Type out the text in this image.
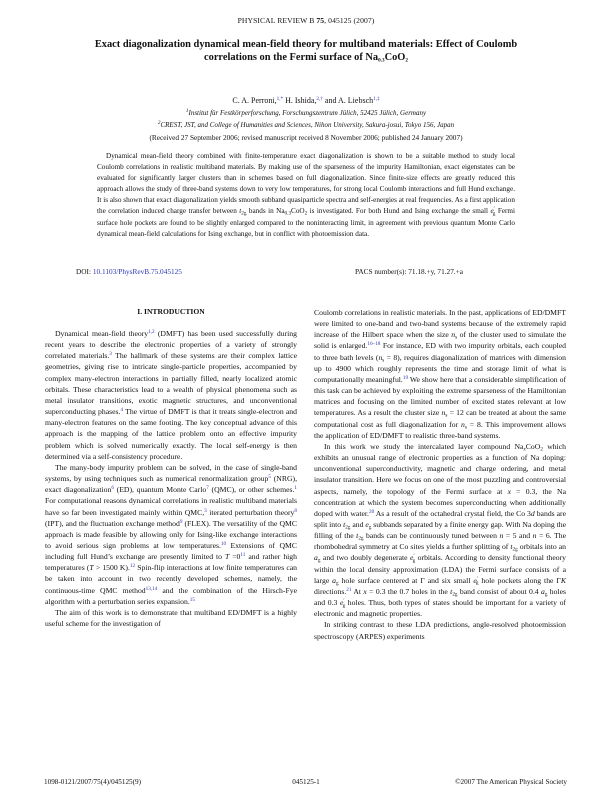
PHYSICAL REVIEW B 75, 045125 (2007)
Exact diagonalization dynamical mean-field theory for multiband materials: Effect of Coulomb
correlations on the Fermi surface of $Na_{0.3}CoO_2$
C. A. Perroni,$^{1,*}$ H. Ishida,$^{2,\dagger}$ and A. Liebsch$^{1,\ddagger}$
$^1$Institut für Festkörperforschung, Forschungszentrum Jülich, 52425 Jülich, Germany
$^2$CREST, JST, and College of Humanities and Sciences, Nihon University, Sakura-josui, Tokyo 156, Japan
(Received 27 September 2006; revised manuscript received 8 November 2006; published 24 January 2007)
Dynamical mean-field theory combined with finite-temperature exact diagonalization is shown to be a suitable method to study local Coulomb correlations in realistic multiband materials. By making use of the sparseness of the impurity Hamiltonian, exact eigenstates can be evaluated for significantly larger clusters than in schemes based on full diagonalization. Since finite-size effects are greatly reduced this approach allows the study of three-band systems down to very low temperatures, for strong local Coulomb interactions and full Hund exchange. It is also shown that exact diagonalization yields smooth subband quasiparticle spectra and self-energies at real frequencies. As a first application the correlation induced charge transfer between $t_{2g}$ bands in $Na_{0.3}CoO_2$ is investigated. For both Hund and Ising exchange the small $e'_g$ Fermi surface hole pockets are found to be slightly enlarged compared to the noninteracting limit, in agreement with previous quantum Monte Carlo dynamical mean-field calculations for Ising exchange, but in conflict with photoemission data.
DOI: 10.1103/PhysRevB.75.045125	PACS number(s): 71.18.+y, 71.27.+a
I. INTRODUCTION

Dynamical mean-field theory$^{1,2}$ (DMFT) has been used successfully during recent years to describe the electronic properties of a variety of strongly correlated materials.$^3$ The hallmark of these systems are their complex lattice geometries, giving rise to intricate single-particle properties, accompanied by complex many-electron interactions in partially filled, nearly localized atomic orbitals. These characteristics lead to a wealth of physical phenomena such as metal insulator transitions, exotic magnetic structures, and unconventional superconducting phases.$^4$ The virtue of DMFT is that it treats single-electron and many-electron features on the same footing. The key conceptual advance of this approach is the mapping of the lattice problem onto an effective impurity problem which is solved numerically exactly. The local self-energy is then determined via a self-consistency procedure.

The many-body impurity problem can be solved, in the case of single-band systems, by using techniques such as numerical renormalization group$^5$ (NRG), exact diagonalization$^6$ (ED), quantum Monte Carlo$^7$ (QMC), or other schemes.$^1$ For computational reasons dynamical correlations in realistic multiband materials have so far been investigated mainly within QMC,$^3$ iterated perturbation theory$^8$ (IPT), and the fluctuation exchange method$^9$ (FLEX). The versatility of the QMC approach is made feasible by allowing only for Ising-like exchange interactions to avoid serious sign problems at low temperatures.$^{10}$ Extensions of QMC including full Hund’s exchange are presently limited to T =0$^{11}$ and rather high temperatures (T > 1500 K).$^{12}$ Spin-flip interactions at low finite temperatures can be taken into account in two recently developed schemes, namely, the continuous-time QMC method$^{13,14}$ and the combination of the Hirsch-Fye algorithm with a perturbation series expansion.$^{15}$

The aim of this work is to demonstrate that multiband ED/DMFT is a highly useful scheme for the investigation of

Coulomb correlations in realistic materials. In the past, applications of ED/DMFT were limited to one-band and two-band systems because of the extremely rapid increase of the Hilbert space when the size $n_s$ of the cluster used to simulate the solid is enlarged.$^{16-18}$ For instance, ED with two impurity orbitals, each coupled to three bath levels $(n_s = 8)$, requires diagonalization of matrices with dimension up to 4900 which roughly represents the time and storage limit of what is computationally meaningful.$^{19}$ We show here that a considerable simplification of this task can be achieved by exploiting the extreme sparseness of the Hamiltonian matrices and focusing on the limited number of excited states relevant at low temperatures. As a result the cluster size $n_s = 12$ can be treated at about the same computational cost as full diagonalization for $n_s = 8$. This improvement allows the application of ED/DMFT to realistic three-band systems.

In this work we study the intercalated layer compound $Na_xCoO_2$ which exhibits an unusual range of electronic properties as a function of Na doping: unconventional superconductivity, magnetic and charge ordering, and metal insulator transition. Here we focus on one of the most puzzling and controversial aspects, namely, the topology of the Fermi surface at x = 0.3, the Na concentration at which the system becomes superconducting when additionally doped with water.$^{20}$ As a result of the octahedral crystal field, the Co 3d bands are split into $t_{2g}$ and $e_g$ subbands separated by a finite energy gap. With Na doping the filling of the $t_{2g}$ bands can be continuously tuned between n = 5 and n = 6. The rhombohedral symmetry at Co sites yields a further splitting of $t_{2g}$ orbitals into an $a_g$ and two doubly degenerate $e'_g$ orbitals. According to density functional theory within the local density approximation (LDA) the Fermi surface consists of a large $a_g$ hole surface centered at Γ and six small $e'_g$ hole pockets along the ΓK directions.$^{21}$ At x = 0.3 the 0.7 holes in the $t_{2g}$ band consist of about 0.4 $a_g$ holes and 0.3 $e'_g$ holes. Thus, both types of states should be important for a variety of electronic and magnetic properties.

In striking contrast to these LDA predictions, angle-resolved photoemission spectroscopy (ARPES) experiments

1098-0121/2007/75(4)/045125(9)	045125-1	©2007 The American Physical Society
